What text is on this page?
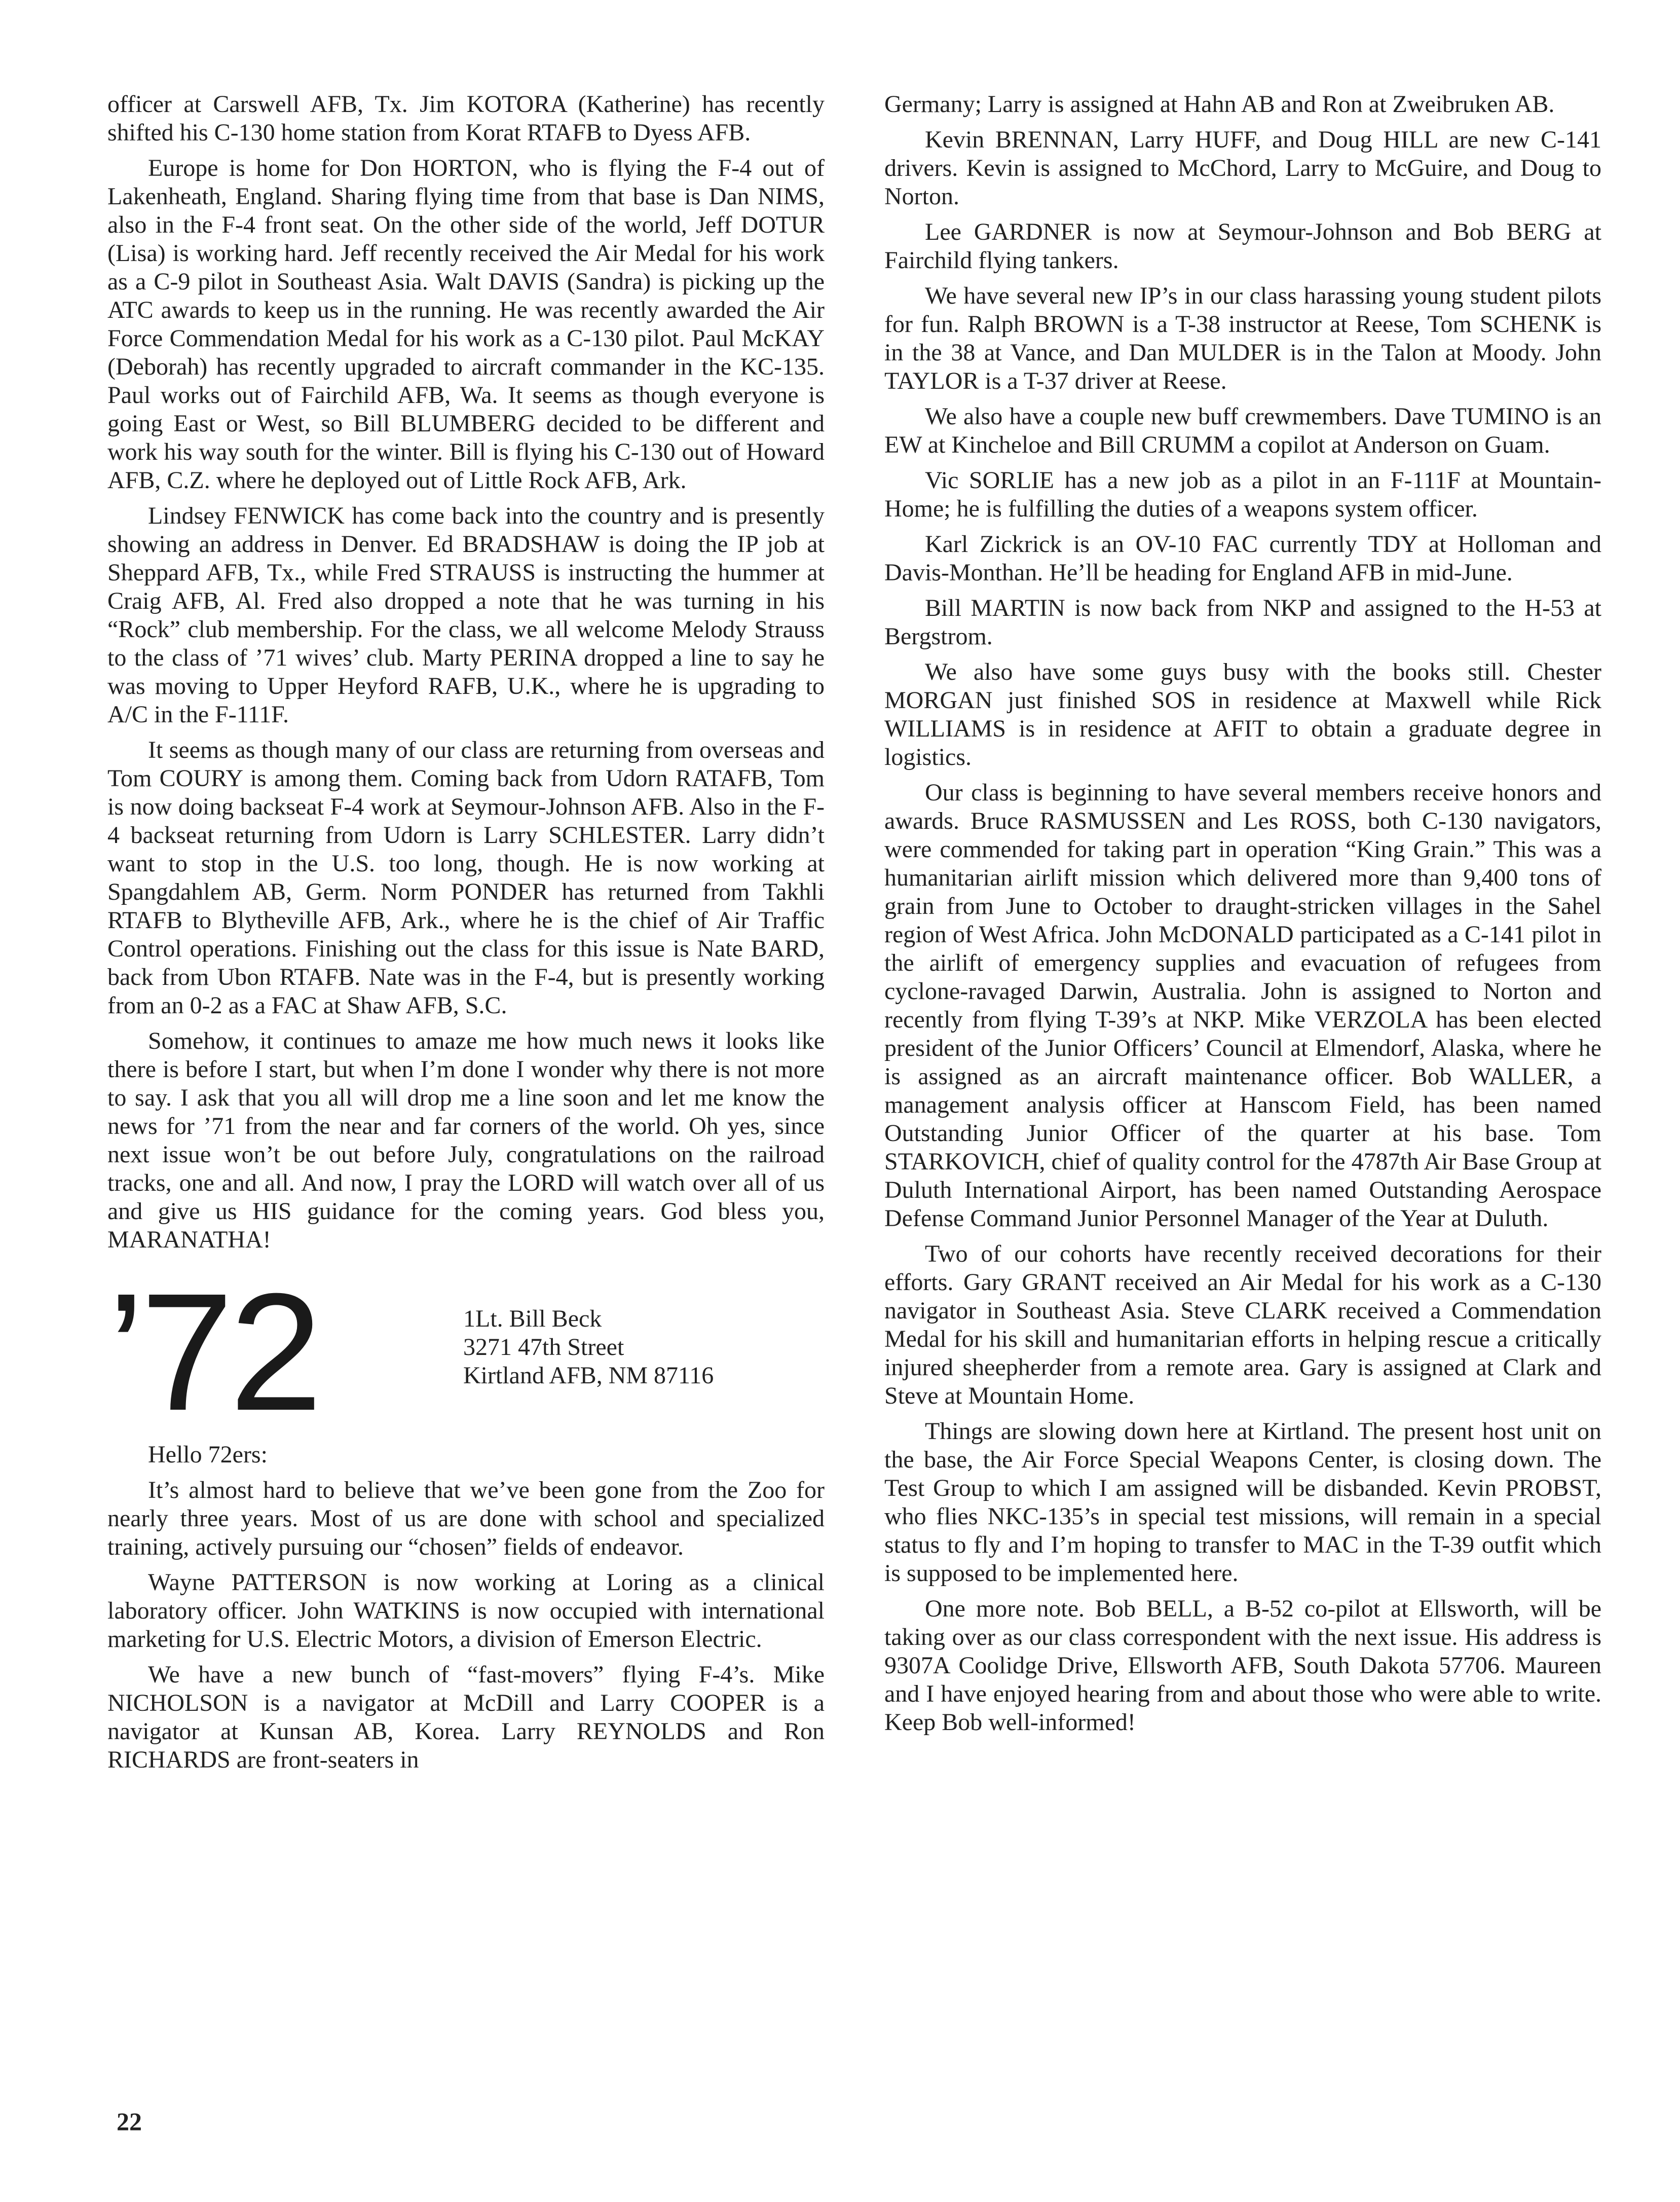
officer at Carswell AFB, Tx. Jim KOTORA (Katherine) has recently shifted his C-130 home station from Korat RTAFB to Dyess AFB.

Europe is home for Don HORTON, who is flying the F-4 out of Lakenheath, England. Sharing flying time from that base is Dan NIMS, also in the F-4 front seat. On the other side of the world, Jeff DOTUR (Lisa) is working hard. Jeff recently received the Air Medal for his work as a C-9 pilot in Southeast Asia. Walt DAVIS (Sandra) is picking up the ATC awards to keep us in the running. He was recently awarded the Air Force Commendation Medal for his work as a C-130 pilot. Paul McKAY (Deborah) has recently upgraded to aircraft commander in the KC-135. Paul works out of Fairchild AFB, Wa. It seems as though everyone is going East or West, so Bill BLUMBERG decided to be different and work his way south for the winter. Bill is flying his C-130 out of Howard AFB, C.Z. where he deployed out of Little Rock AFB, Ark.

Lindsey FENWICK has come back into the country and is presently showing an address in Denver. Ed BRADSHAW is doing the IP job at Sheppard AFB, Tx., while Fred STRAUSS is instructing the hummer at Craig AFB, Al. Fred also dropped a note that he was turning in his “Rock” club membership. For the class, we all welcome Melody Strauss to the class of ’71 wives’ club. Marty PERINA dropped a line to say he was moving to Upper Heyford RAFB, U.K., where he is upgrading to A/C in the F-111F.

It seems as though many of our class are returning from overseas and Tom COURY is among them. Coming back from Udorn RATAFB, Tom is now doing backseat F-4 work at Seymour-Johnson AFB. Also in the F-4 backseat returning from Udorn is Larry SCHLESTER. Larry didn’t want to stop in the U.S. too long, though. He is now working at Spangdahlem AB, Germ. Norm PONDER has returned from Takhli RTAFB to Blytheville AFB, Ark., where he is the chief of Air Traffic Control operations. Finishing out the class for this issue is Nate BARD, back from Ubon RTAFB. Nate was in the F-4, but is presently working from an 0-2 as a FAC at Shaw AFB, S.C.

Somehow, it continues to amaze me how much news it looks like there is before I start, but when I’m done I wonder why there is not more to say. I ask that you all will drop me a line soon and let me know the news for ’71 from the near and far corners of the world. Oh yes, since next issue won’t be out before July, congratulations on the railroad tracks, one and all. And now, I pray the LORD will watch over all of us and give us HIS guidance for the coming years. God bless you, MARANATHA!

’72	1Lt. Bill Beck
3271 47th Street
Kirtland AFB, NM 87116

Hello 72ers:

It’s almost hard to believe that we’ve been gone from the Zoo for nearly three years. Most of us are done with school and specialized training, actively pursuing our “chosen” fields of endeavor.

Wayne PATTERSON is now working at Loring as a clinical laboratory officer. John WATKINS is now occupied with international marketing for U.S. Electric Motors, a division of Emerson Electric.

We have a new bunch of “fast-movers” flying F-4’s. Mike NICHOLSON is a navigator at McDill and Larry COOPER is a navigator at Kunsan AB, Korea. Larry REYNOLDS and Ron RICHARDS are front-seaters in

Germany; Larry is assigned at Hahn AB and Ron at Zweibruken AB.

Kevin BRENNAN, Larry HUFF, and Doug HILL are new C-141 drivers. Kevin is assigned to McChord, Larry to McGuire, and Doug to Norton.

Lee GARDNER is now at Seymour-Johnson and Bob BERG at Fairchild flying tankers.

We have several new IP’s in our class harassing young student pilots for fun. Ralph BROWN is a T-38 instructor at Reese, Tom SCHENK is in the 38 at Vance, and Dan MULDER is in the Talon at Moody. John TAYLOR is a T-37 driver at Reese.

We also have a couple new buff crewmembers. Dave TUMINO is an EW at Kincheloe and Bill CRUMM a copilot at Anderson on Guam.

Vic SORLIE has a new job as a pilot in an F-111F at Mountain-Home; he is fulfilling the duties of a weapons system officer.

Karl Zickrick is an OV-10 FAC currently TDY at Holloman and Davis-Monthan. He’ll be heading for England AFB in mid-June.

Bill MARTIN is now back from NKP and assigned to the H-53 at Bergstrom.

We also have some guys busy with the books still. Chester MORGAN just finished SOS in residence at Maxwell while Rick WILLIAMS is in residence at AFIT to obtain a graduate degree in logistics.

Our class is beginning to have several members receive honors and awards. Bruce RASMUSSEN and Les ROSS, both C-130 navigators, were commended for taking part in operation “King Grain.” This was a humanitarian airlift mission which delivered more than 9,400 tons of grain from June to October to draught-stricken villages in the Sahel region of West Africa. John McDONALD participated as a C-141 pilot in the airlift of emergency supplies and evacuation of refugees from cyclone-ravaged Darwin, Australia. John is assigned to Norton and recently from flying T-39’s at NKP. Mike VERZOLA has been elected president of the Junior Officers’ Council at Elmendorf, Alaska, where he is assigned as an aircraft maintenance officer. Bob WALLER, a management analysis officer at Hanscom Field, has been named Outstanding Junior Officer of the quarter at his base. Tom STARKOVICH, chief of quality control for the 4787th Air Base Group at Duluth International Airport, has been named Outstanding Aerospace Defense Command Junior Personnel Manager of the Year at Duluth.

Two of our cohorts have recently received decorations for their efforts. Gary GRANT received an Air Medal for his work as a C-130 navigator in Southeast Asia. Steve CLARK received a Commendation Medal for his skill and humanitarian efforts in helping rescue a critically injured sheepherder from a remote area. Gary is assigned at Clark and Steve at Mountain Home.

Things are slowing down here at Kirtland. The present host unit on the base, the Air Force Special Weapons Center, is closing down. The Test Group to which I am assigned will be disbanded. Kevin PROBST, who flies NKC-135’s in special test missions, will remain in a special status to fly and I’m hoping to transfer to MAC in the T-39 outfit which is supposed to be implemented here.

One more note. Bob BELL, a B-52 co-pilot at Ellsworth, will be taking over as our class correspondent with the next issue. His address is 9307A Coolidge Drive, Ellsworth AFB, South Dakota 57706. Maureen and I have enjoyed hearing from and about those who were able to write. Keep Bob well-informed!

22
